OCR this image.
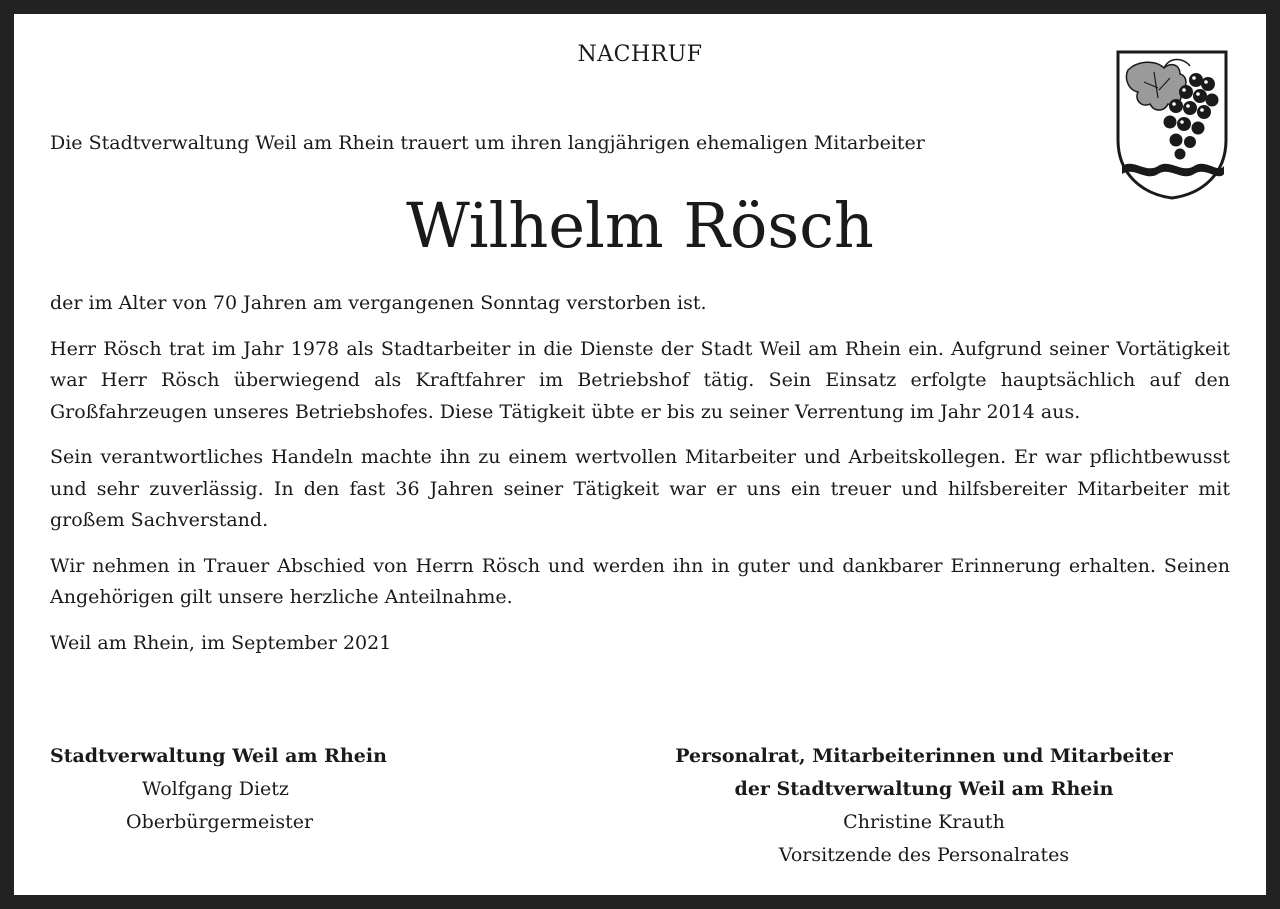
NACHRUF
Die Stadtverwaltung Weil am Rhein trauert um ihren langjährigen ehemaligen Mitarbeiter
Wilhelm Rösch

der im Alter von 70 Jahren am vergangenen Sonntag verstorben ist.

Herr Rösch trat im Jahr 1978 als Stadtarbeiter in die Dienste der Stadt Weil am Rhein ein. Aufgrund seiner Vortätigkeit war Herr Rösch überwiegend als Kraftfahrer im Betriebshof tätig. Sein Einsatz erfolgte hauptsächlich auf den Großfahrzeugen unseres Betriebshofes. Diese Tätigkeit übte er bis zu seiner Verrentung im Jahr 2014 aus.

Sein verantwortliches Handeln machte ihn zu einem wertvollen Mitarbeiter und Arbeitskollegen. Er war pflichtbewusst und sehr zuverlässig. In den fast 36 Jahren seiner Tätigkeit war er uns ein treuer und hilfsbereiter Mitarbeiter mit großem Sachverstand.

Wir nehmen in Trauer Abschied von Herrn Rösch und werden ihn in guter und dankbarer Erinnerung erhalten. Seinen Angehörigen gilt unsere herzliche Anteilnahme.

Weil am Rhein, im September 2021

Stadtverwaltung Weil am Rhein
Wolfgang Dietz
Oberbürgermeister
Personalrat, Mitarbeiterinnen und Mitarbeiter
der Stadtverwaltung Weil am Rhein
Christine Krauth
Vorsitzende des Personalrates
